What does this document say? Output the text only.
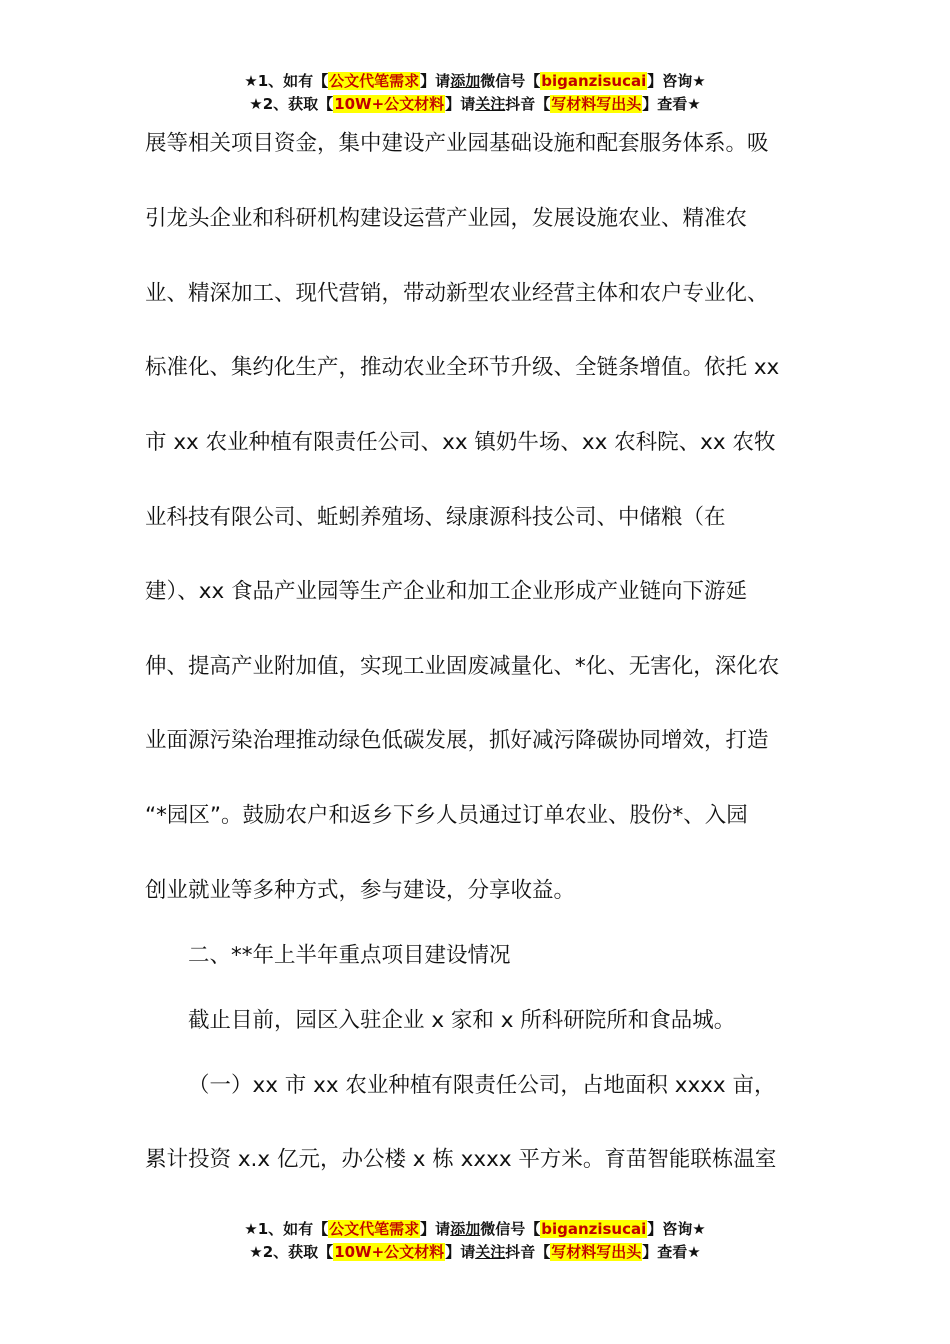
★1、如有【公文代笔需求】请添加微信号【biganzisucai】咨询★
★2、获取【10W+公文材料】请关注抖音【写材料写出头】查看★
展等相关项目资金，集中建设产业园基础设施和配套服务体系。吸
引龙头企业和科研机构建设运营产业园，发展设施农业、精准农
业、精深加工、现代营销，带动新型农业经营主体和农户专业化、
标准化、集约化生产，推动农业全环节升级、全链条增值。依托 xx
市 xx 农业种植有限责任公司、xx 镇奶牛场、xx 农科院、xx 农牧
业科技有限公司、蚯蚓养殖场、绿康源科技公司、中储粮（在
建）、xx 食品产业园等生产企业和加工企业形成产业链向下游延
伸、提高产业附加值，实现工业固废减量化、*化、无害化，深化农
业面源污染治理推动绿色低碳发展，抓好减污降碳协同增效，打造
“*园区”。鼓励农户和返乡下乡人员通过订单农业、股份*、入园
创业就业等多种方式，参与建设，分享收益。
二、**年上半年重点项目建设情况
截止目前，园区入驻企业 x 家和 x 所科研院所和食品城。
（一）xx 市 xx 农业种植有限责任公司，占地面积 xxxx 亩，
累计投资 x.x 亿元，办公楼 x 栋 xxxx 平方米。育苗智能联栋温室
★1、如有【公文代笔需求】请添加微信号【biganzisucai】咨询★
★2、获取【10W+公文材料】请关注抖音【写材料写出头】查看★
